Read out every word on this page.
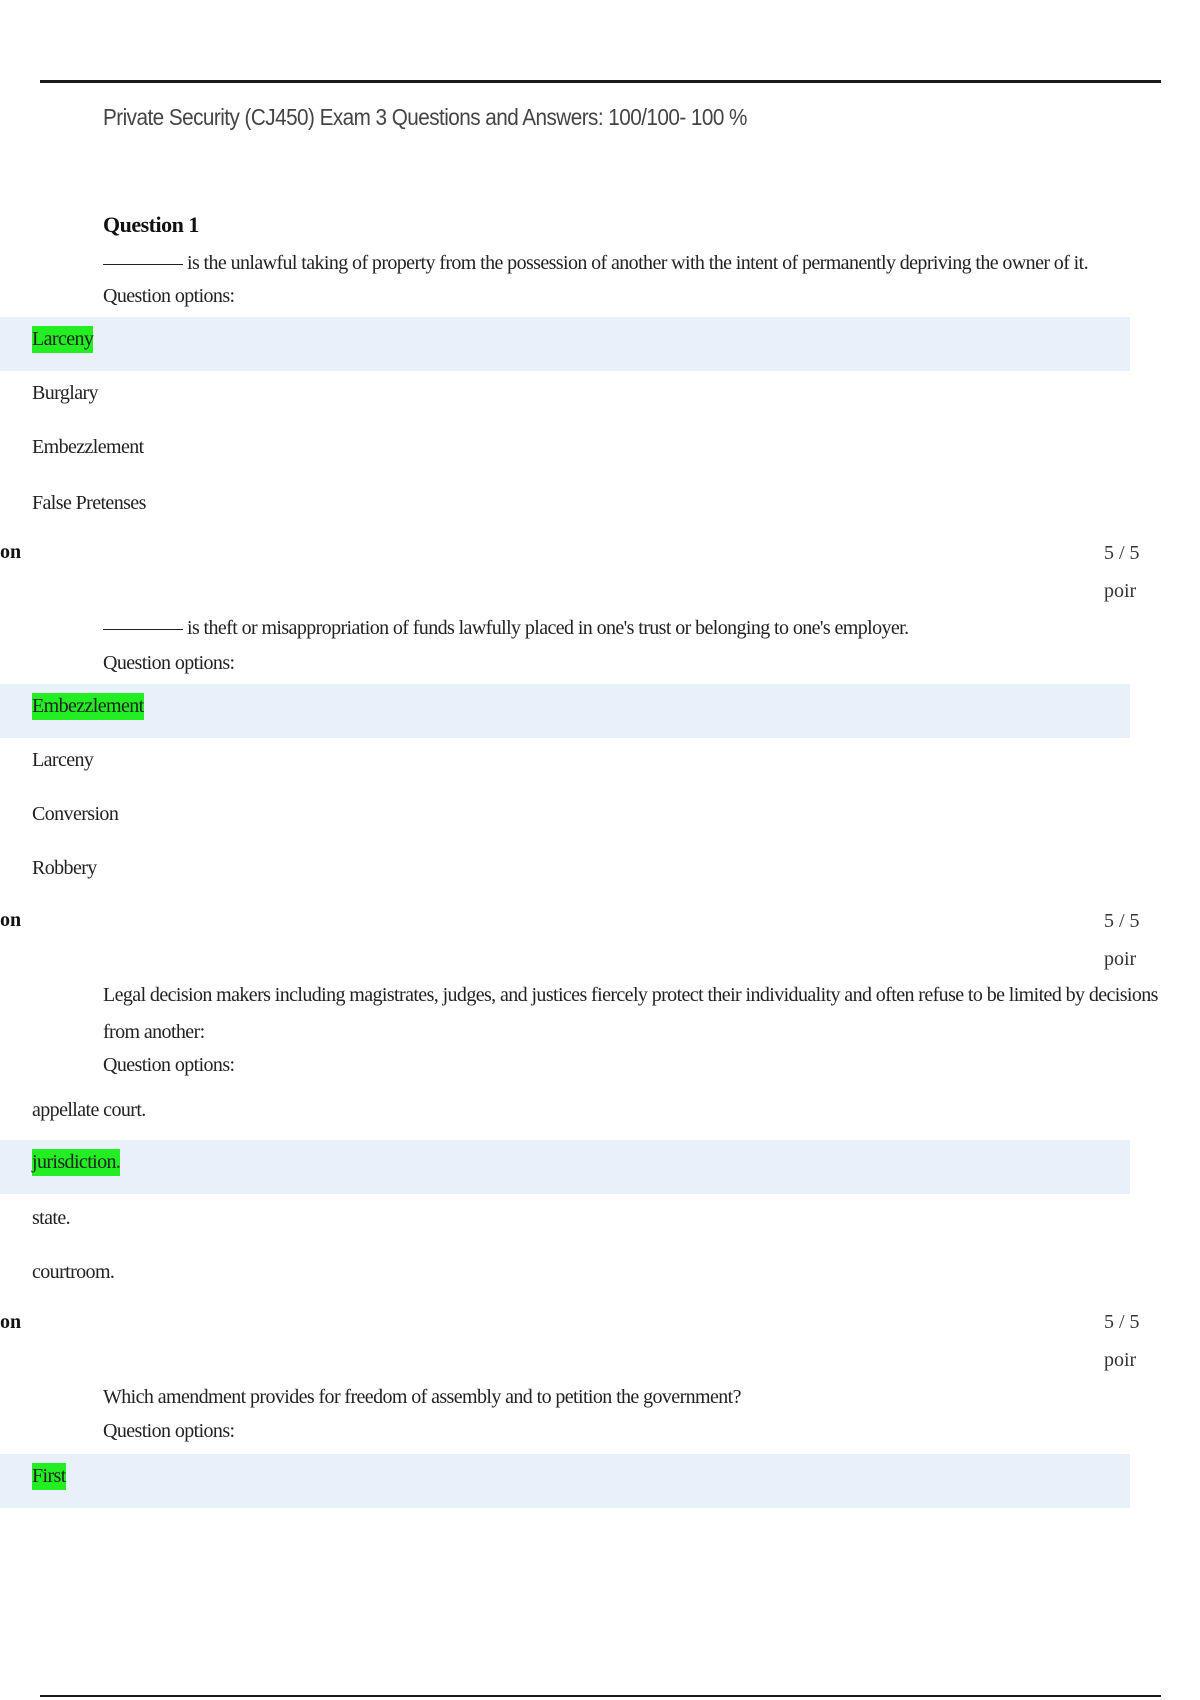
Private Security (CJ450) Exam 3 Questions and Answers: 100/100- 100 %
Question 1
is the unlawful taking of property from the possession of another with the intent of permanently depriving the owner of it.
Question options:
Larceny
Burglary
Embezzlement
False Pretenses
on	5 / 5
poir
is theft or misappropriation of funds lawfully placed in one's trust or belonging to one's employer.
Question options:
Embezzlement
Larceny
Conversion
Robbery
on	5 / 5
poir
Legal decision makers including magistrates, judges, and justices fiercely protect their individuality and often refuse to be limited by decisions
from another:
Question options:
appellate court.
jurisdiction.
state.
courtroom.
on	5 / 5
poir
Which amendment provides for freedom of assembly and to petition the government?
Question options:
First
